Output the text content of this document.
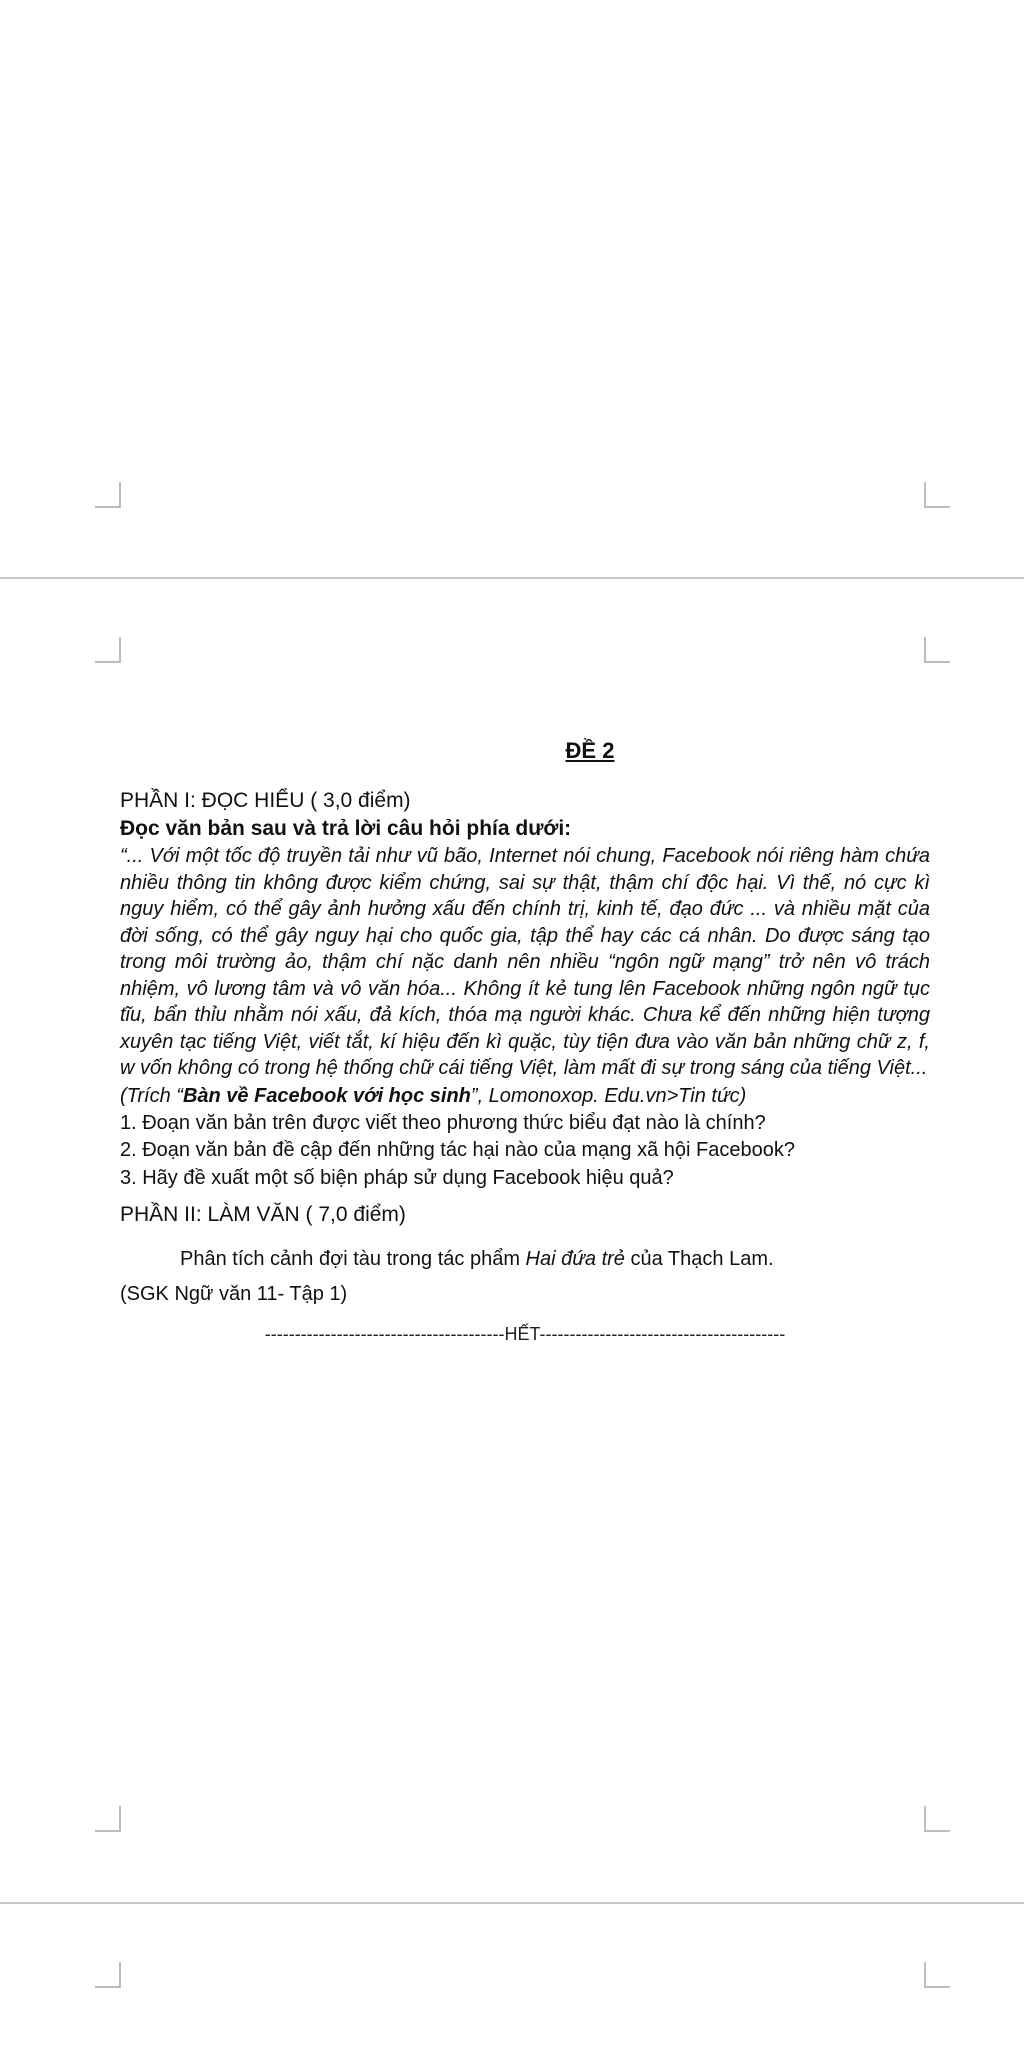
ĐỀ 2

PHẦN I: ĐỌC HIỂU ( 3,0 điểm)

Đọc văn bản sau và trả lời câu hỏi phía dưới:

“... Với một tốc độ truyền tải như vũ bão, Internet nói chung, Facebook nói riêng hàm chứa nhiều thông tin không được kiểm chứng, sai sự thật, thậm chí độc hại. Vì thế, nó cực kì nguy hiểm, có thể gây ảnh hưởng xấu đến chính trị, kinh tế, đạo đức ... và nhiều mặt của đời sống, có thể gây nguy hại cho quốc gia, tập thể hay các cá nhân. Do được sáng tạo trong môi trường ảo, thậm chí nặc danh nên nhiều “ngôn ngữ mạng” trở nên vô trách nhiệm, vô lương tâm và vô văn hóa... Không ít kẻ tung lên Facebook những ngôn ngữ tục tĩu, bẩn thỉu nhằm nói xấu, đả kích, thóa mạ người khác. Chưa kể đến những hiện tượng xuyên tạc tiếng Việt, viết tắt, kí hiệu đến kì quặc, tùy tiện đưa vào văn bản những chữ z, f, w vốn không có trong hệ thống chữ cái tiếng Việt, làm mất đi sự trong sáng của tiếng Việt...

(Trích “Bàn về Facebook với học sinh”, Lomonoxop. Edu.vn>Tin tức)

1. Đoạn văn bản trên được viết theo phương thức biểu đạt nào là chính?

2. Đoạn văn bản đề cập đến những tác hại nào của mạng xã hội Facebook?

3. Hãy đề xuất một số biện pháp sử dụng Facebook hiệu quả?

PHẦN II: LÀM VĂN ( 7,0 điểm)

Phân tích cảnh đợi tàu trong tác phẩm Hai đứa trẻ của Thạch Lam.

(SGK Ngữ văn 11- Tập 1)

----------------------------------------HẾT-----------------------------------------
